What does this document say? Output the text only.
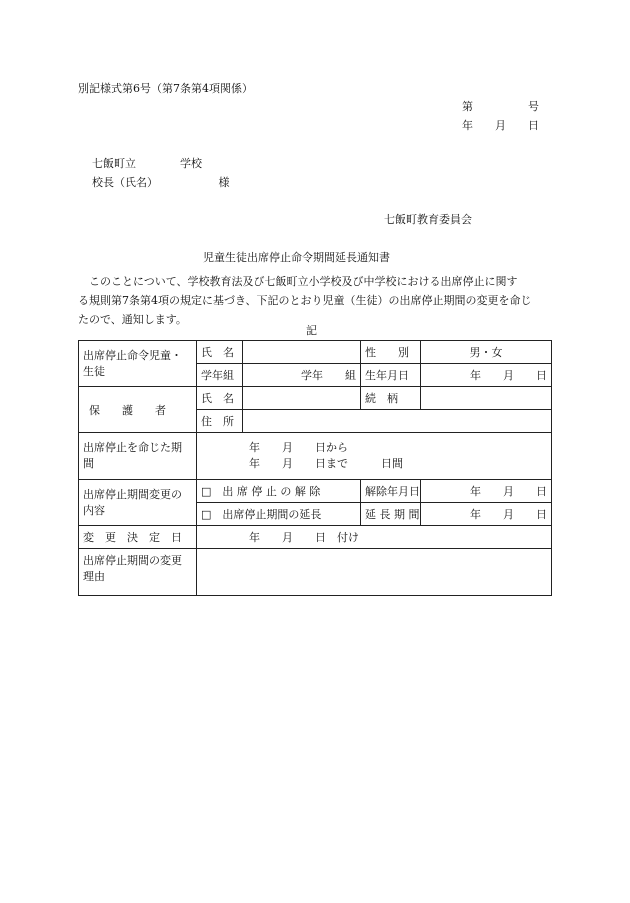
別記様式第6号（第7条第4項関係）
第　　　　　号
年　　月　　日
七飯町立　　　　学校
校長（氏名）　　　　　　様
七飯町教育委員会
児童生徒出席停止命令期間延長通知書
　このことについて、学校教育法及び七飯町立小学校及び中学校における出席停止に関す
る規則第7条第4項の規定に基づき、下記のとおり児童（生徒）の出席停止期間の変更を命じ
たので、通知します。
記
出席停止命令児童・生徒	氏　名		性　　別	男・女
	学年組	学年　　組	生年月日	年　　月　　日
保　　護　　者	氏　名		続　柄	
	住　所			
出席停止を命じた期間	年　　月　　日から
年　　月　　日まで　　　日間			

出席停止期間変更の内容	□　出 席 停 止 の 解 除		解除年月日	年　　月　　日
	□　出席停止期間の延長		延 長 期 間	年　　月　　日
変　更　決　定　日	年　　月　　日　付け			
出席停止期間の変更理由				
